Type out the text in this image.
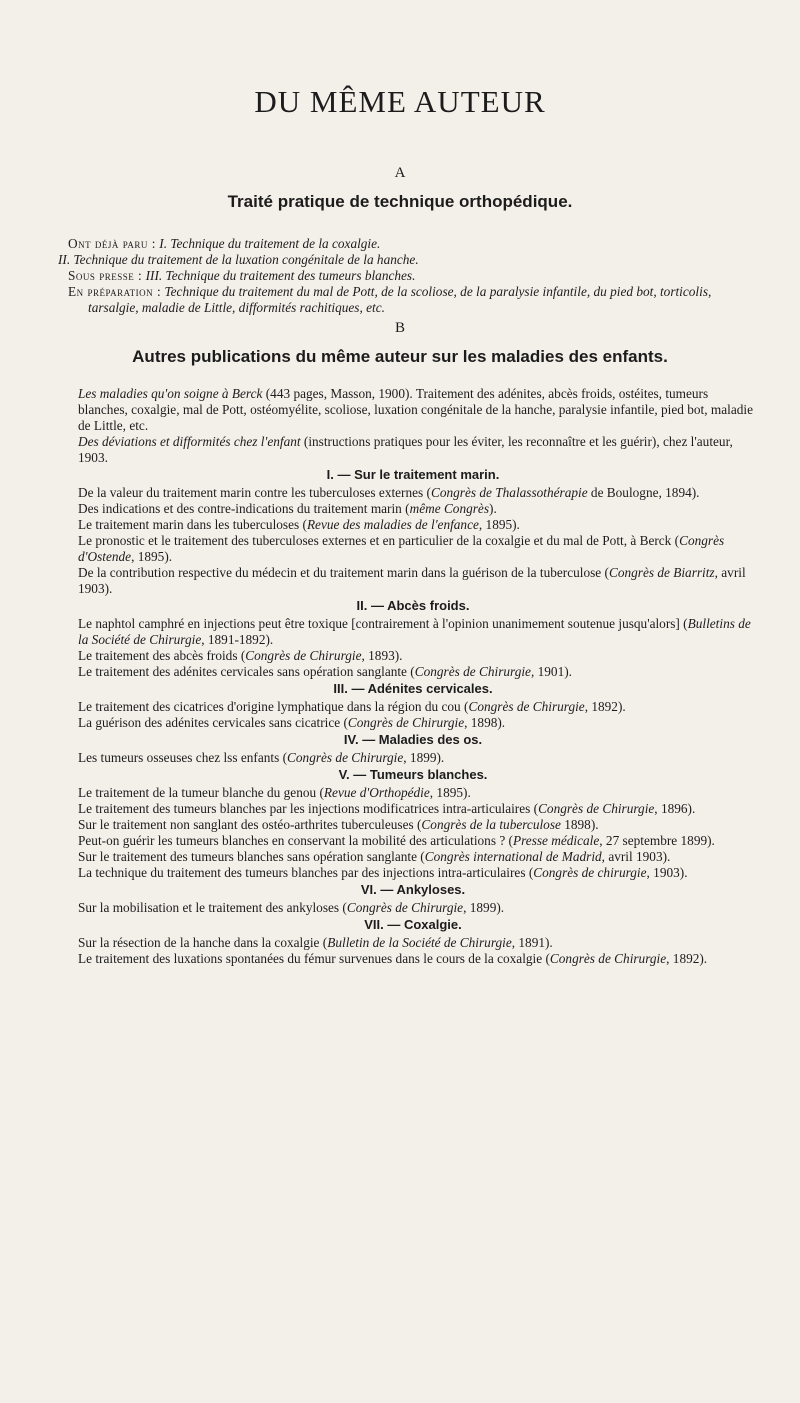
DU MÊME AUTEUR
A
Traité pratique de technique orthopédique.

Ont déjà paru : I. Technique du traitement de la coxalgie.

II. Technique du traitement de la luxation congénitale de la hanche.

Sous presse : III. Technique du traitement des tumeurs blanches.

En préparation : Technique du traitement du mal de Pott, de la scoliose, de la paralysie infantile, du pied bot, torticolis, tarsalgie, maladie de Little, difformités rachitiques, etc.

B
Autres publications du même auteur sur les maladies des enfants.

Les maladies qu'on soigne à Berck (443 pages, Masson, 1900). Traitement des adénites, abcès froids, ostéites, tumeurs blanches, coxalgie, mal de Pott, ostéomyélite, scoliose, luxation congénitale de la hanche, paralysie infantile, pied bot, maladie de Little, etc.

Des déviations et difformités chez l'enfant (instructions pratiques pour les éviter, les reconnaître et les guérir), chez l'auteur, 1903.

I. — Sur le traitement marin.

De la valeur du traitement marin contre les tuberculoses externes (Congrès de Thalassothérapie de Boulogne, 1894).

Des indications et des contre-indications du traitement marin (même Congrès).

Le traitement marin dans les tuberculoses (Revue des maladies de l'enfance, 1895).

Le pronostic et le traitement des tuberculoses externes et en particulier de la coxalgie et du mal de Pott, à Berck (Congrès d'Ostende, 1895).

De la contribution respective du médecin et du traitement marin dans la guérison de la tuberculose (Congrès de Biarritz, avril 1903).

II. — Abcès froids.

Le naphtol camphré en injections peut être toxique [contrairement à l'opinion unanimement soutenue jusqu'alors] (Bulletins de la Société de Chirurgie, 1891-1892).

Le traitement des abcès froids (Congrès de Chirurgie, 1893).

Le traitement des adénites cervicales sans opération sanglante (Congrès de Chirurgie, 1901).

III. — Adénites cervicales.

Le traitement des cicatrices d'origine lymphatique dans la région du cou (Congrès de Chirurgie, 1892).

La guérison des adénites cervicales sans cicatrice (Congrès de Chirurgie, 1898).

IV. — Maladies des os.

Les tumeurs osseuses chez lss enfants (Congrès de Chirurgie, 1899).

V. — Tumeurs blanches.

Le traitement de la tumeur blanche du genou (Revue d'Orthopédie, 1895).

Le traitement des tumeurs blanches par les injections modificatrices intra-articulaires (Congrès de Chirurgie, 1896).

Sur le traitement non sanglant des ostéo-arthrites tuberculeuses (Congrès de la tuberculose 1898).

Peut-on guérir les tumeurs blanches en conservant la mobilité des articulations ? (Presse médicale, 27 septembre 1899).

Sur le traitement des tumeurs blanches sans opération sanglante (Congrès international de Madrid, avril 1903).

La technique du traitement des tumeurs blanches par des injections intra-articulaires (Congrès de chirurgie, 1903).

VI. — Ankyloses.

Sur la mobilisation et le traitement des ankyloses (Congrès de Chirurgie, 1899).

VII. — Coxalgie.

Sur la résection de la hanche dans la coxalgie (Bulletin de la Société de Chirurgie, 1891).

Le traitement des luxations spontanées du fémur survenues dans le cours de la coxalgie (Congrès de Chirurgie, 1892).
